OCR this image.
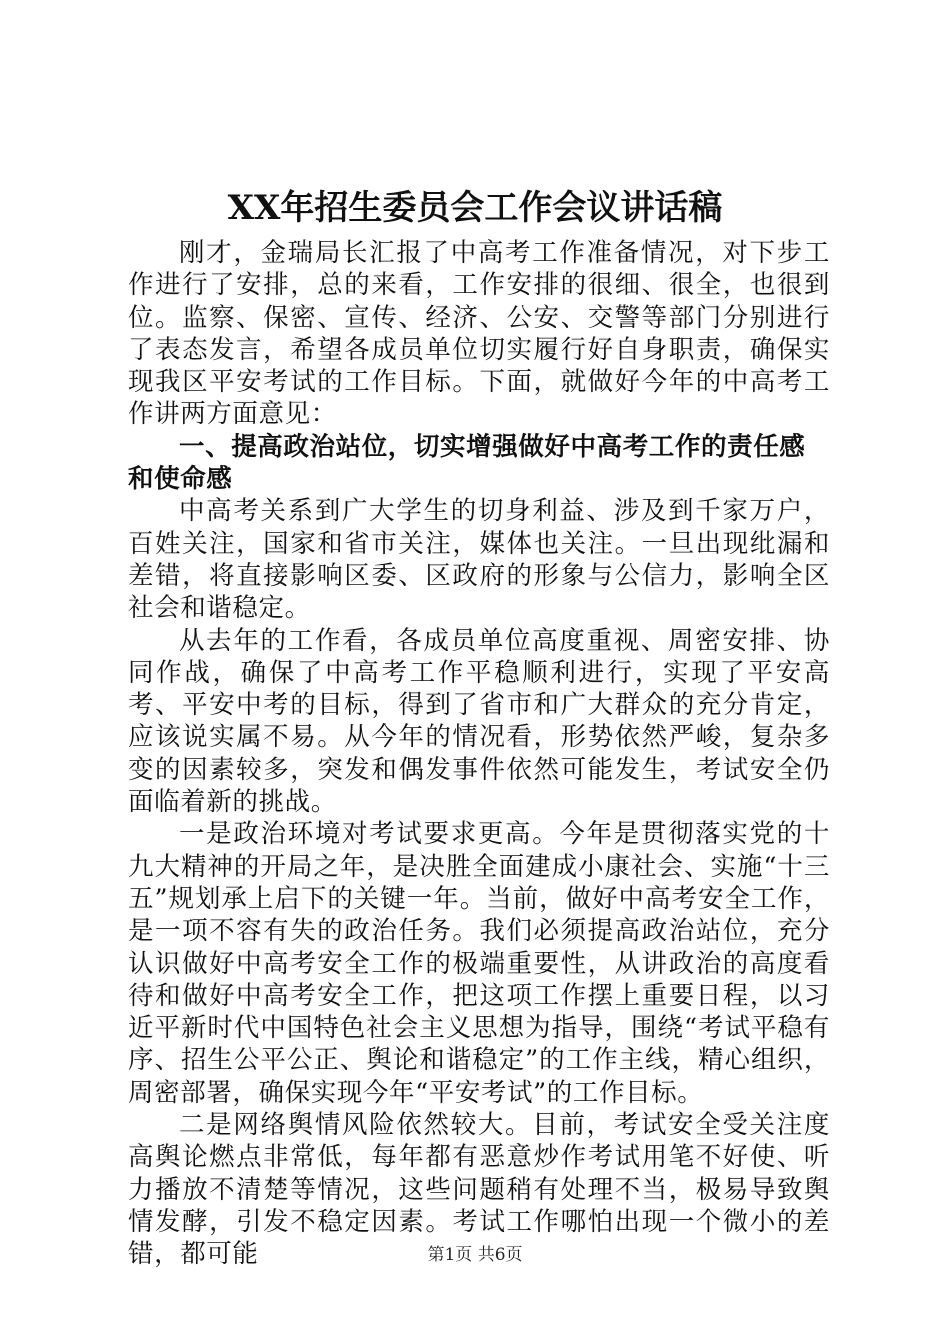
XX年招生委员会工作会议讲话稿

刚才，金瑞局长汇报了中高考工作准备情况，对下步工作进行了安排，总的来看，工作安排的很细、很全，也很到位。监察、保密、宣传、经济、公安、交警等部门分别进行了表态发言，希望各成员单位切实履行好自身职责，确保实现我区平安考试的工作目标。下面，就做好今年的中高考工作讲两方面意见：

一、提高政治站位，切实增强做好中高考工作的责任感和使命感

中高考关系到广大学生的切身利益、涉及到千家万户，百姓关注，国家和省市关注，媒体也关注。一旦出现纰漏和差错，将直接影响区委、区政府的形象与公信力，影响全区社会和谐稳定。

从去年的工作看，各成员单位高度重视、周密安排、协同作战，确保了中高考工作平稳顺利进行，实现了平安高考、平安中考的目标，得到了省市和广大群众的充分肯定，应该说实属不易。从今年的情况看，形势依然严峻，复杂多变的因素较多，突发和偶发事件依然可能发生，考试安全仍面临着新的挑战。

一是政治环境对考试要求更高。今年是贯彻落实党的十九大精神的开局之年，是决胜全面建成小康社会、实施“十三五”规划承上启下的关键一年。当前，做好中高考安全工作，是一项不容有失的政治任务。我们必须提高政治站位，充分认识做好中高考安全工作的极端重要性，从讲政治的高度看待和做好中高考安全工作，把这项工作摆上重要日程，以习近平新时代中国特色社会主义思想为指导，围绕“考试平稳有序、招生公平公正、舆论和谐稳定”的工作主线，精心组织，周密部署，确保实现今年“平安考试”的工作目标。

二是网络舆情风险依然较大。目前，考试安全受关注度高舆论燃点非常低，每年都有恶意炒作考试用笔不好使、听力播放不清楚等情况，这些问题稍有处理不当，极易导致舆情发酵，引发不稳定因素。考试工作哪怕出现一个微小的差错，都可能	第1页 共6页
